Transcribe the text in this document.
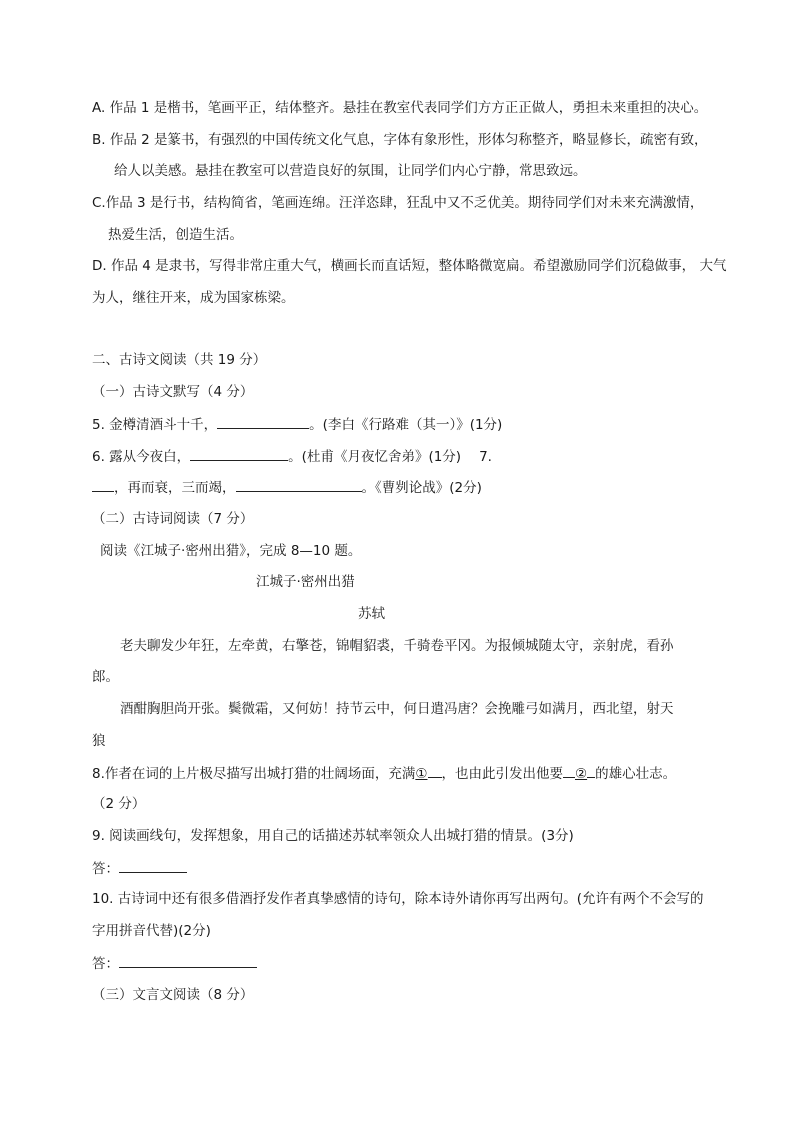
A. 作品 1 是楷书，笔画平正，结体整齐。悬挂在教室代表同学们方方正正做人，勇担未来重担的决心。
B. 作品 2 是篆书，有强烈的中国传统文化气息，字体有象形性，形体匀称整齐，略显修长，疏密有致，
给人以美感。悬挂在教室可以营造良好的氛围，让同学们内心宁静，常思致远。
C.作品 3 是行书，结构简省，笔画连绵。汪洋恣肆，狂乱中又不乏优美。期待同学们对未来充满激情，
热爱生活，创造生活。
D. 作品 4 是隶书，写得非常庄重大气，横画长而直话短，整体略微宽扁。希望激励同学们沉稳做事， 大气
为人，继往开来，成为国家栋梁。
二、古诗文阅读（共 19 分）
（一）古诗文默写（4 分）
5. 金樽清酒斗十千，	。(李白《行路难（其一）》(1分)
6. 露从今夜白，	。(杜甫《月夜忆舍弟》(1分) 7.
，再而衰，三而竭，	。《曹刿论战》(2分)
（二）古诗词阅读（7 分）
阅读《江城子·密州出猎》，完成 8—10 题。
江城子·密州出猎
苏轼
老夫聊发少年狂，左牵黄，右擎苍，锦帽貂裘，千骑卷平冈。为报倾城随太守，亲射虎，看孙
郎。
酒酣胸胆尚开张。鬓微霜，又何妨！持节云中，何日遣冯唐？会挽雕弓如满月，西北望，射天
狼
8.作者在词的上片极尽描写出城打猎的壮阔场面，充满① ，也由此引发出他要 ② 的雄心壮志。
（2 分）
9. 阅读画线句，发挥想象，用自己的话描述苏轼率领众人出城打猎的情景。(3分)
答：
10. 古诗词中还有很多借酒抒发作者真挚感情的诗句，除本诗外请你再写出两句。(允许有两个不会写的
字用拼音代替)(2分)
答：
（三）文言文阅读（8 分）
